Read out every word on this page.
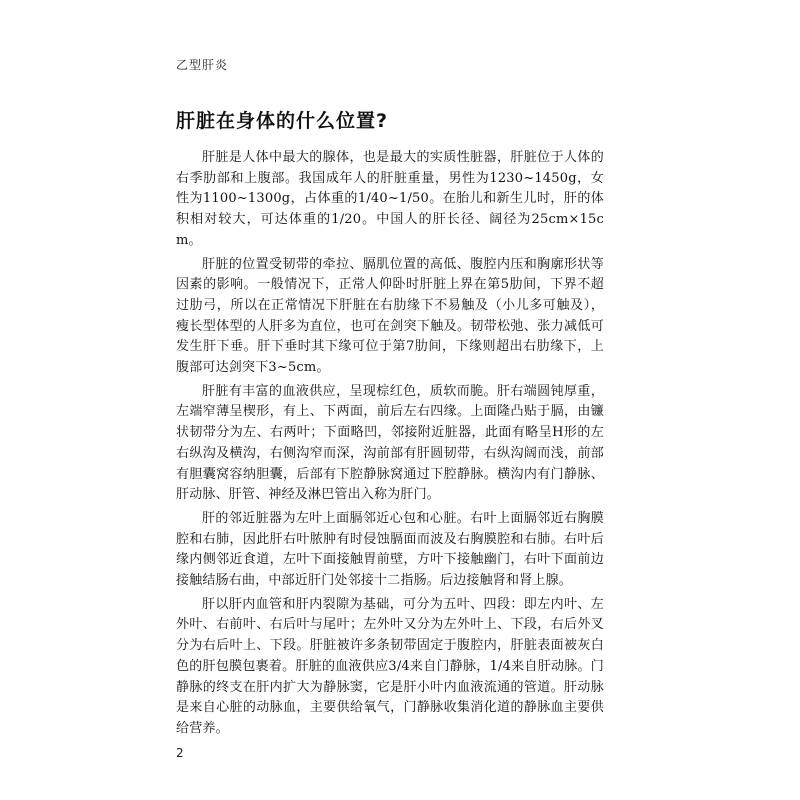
乙型肝炎
肝脏在身体的什么位置?

肝脏是人体中最大的腺体，也是最大的实质性脏器，肝脏位于人体的右季肋部和上腹部。我国成年人的肝脏重量，男性为1230~1450g，女性为1100~1300g，占体重的1/40~1/50。在胎儿和新生儿时，肝的体积相对较大，可达体重的1/20。中国人的肝长径、阔径为25cm×15cm。

肝脏的位置受韧带的牵拉、膈肌位置的高低、腹腔内压和胸廓形状等因素的影响。一般情况下，正常人仰卧时肝脏上界在第5肋间，下界不超过肋弓，所以在正常情况下肝脏在右肋缘下不易触及（小儿多可触及），瘦长型体型的人肝多为直位，也可在剑突下触及。韧带松弛、张力减低可发生肝下垂。肝下垂时其下缘可位于第7肋间，下缘则超出右肋缘下，上腹部可达剑突下3~5cm。

肝脏有丰富的血液供应，呈现棕红色，质软而脆。肝右端圆钝厚重，左端窄薄呈楔形，有上、下两面，前后左右四缘。上面隆凸贴于膈，由镰状韧带分为左、右两叶；下面略凹，邻接附近脏器，此面有略呈H形的左右纵沟及横沟，右侧沟窄而深，沟前部有肝圆韧带，右纵沟阔而浅，前部有胆囊窝容纳胆囊，后部有下腔静脉窝通过下腔静脉。横沟内有门静脉、肝动脉、肝管、神经及淋巴管出入称为肝门。

肝的邻近脏器为左叶上面膈邻近心包和心脏。右叶上面膈邻近右胸膜腔和右肺，因此肝右叶脓肿有时侵蚀膈面而波及右胸膜腔和右肺。右叶后缘内侧邻近食道，左叶下面接触胃前壁，方叶下接触幽门，右叶下面前边接触结肠右曲，中部近肝门处邻接十二指肠。后边接触肾和肾上腺。

肝以肝内血管和肝内裂隙为基础，可分为五叶、四段：即左内叶、左外叶、右前叶、右后叶与尾叶；左外叶又分为左外叶上、下段，右后外叉分为右后叶上、下段。肝脏被许多条韧带固定于腹腔内，肝脏表面被灰白色的肝包膜包裹着。肝脏的血液供应3/4来自门静脉，1/4来自肝动脉。门静脉的终支在肝内扩大为静脉窦，它是肝小叶内血液流通的管道。肝动脉是来自心脏的动脉血，主要供给氧气，门静脉收集消化道的静脉血主要供给营养。

2
